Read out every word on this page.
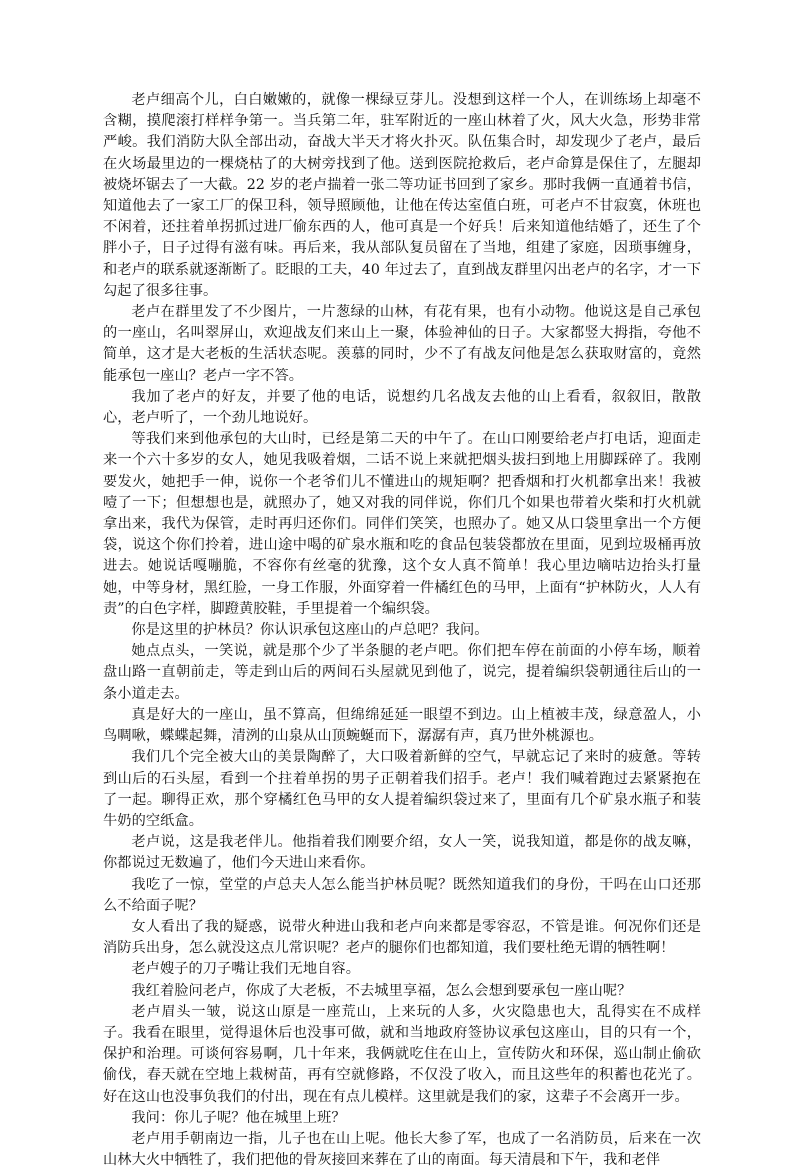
老卢细高个儿，白白嫩嫩的，就像一棵绿豆芽儿。没想到这样一个人，在训练场上却毫不含糊，摸爬滚打样样争第一。当兵第二年，驻军附近的一座山林着了火，风大火急，形势非常严峻。我们消防大队全部出动，奋战大半天才将火扑灭。队伍集合时，却发现少了老卢，最后在火场最里边的一棵烧枯了的大树旁找到了他。送到医院抢救后，老卢命算是保住了，左腿却被烧坏锯去了一大截。22 岁的老卢揣着一张二等功证书回到了家乡。那时我俩一直通着书信，知道他去了一家工厂的保卫科，领导照顾他，让他在传达室值白班，可老卢不甘寂寞，休班也不闲着，还拄着单拐抓过进厂偷东西的人，他可真是一个好兵！后来知道他结婚了，还生了个胖小子，日子过得有滋有味。再后来，我从部队复员留在了当地，组建了家庭，因琐事缠身，和老卢的联系就逐渐断了。眨眼的工夫，40 年过去了，直到战友群里闪出老卢的名字，才一下勾起了很多往事。

老卢在群里发了不少图片，一片葱绿的山林，有花有果，也有小动物。他说这是自己承包的一座山，名叫翠屏山，欢迎战友们来山上一聚，体验神仙的日子。大家都竖大拇指，夸他不简单，这才是大老板的生活状态呢。羡慕的同时，少不了有战友问他是怎么获取财富的，竟然能承包一座山？老卢一字不答。

我加了老卢的好友，并要了他的电话，说想约几名战友去他的山上看看，叙叙旧，散散心，老卢听了，一个劲儿地说好。

等我们来到他承包的大山时，已经是第二天的中午了。在山口刚要给老卢打电话，迎面走来一个六十多岁的女人，她见我吸着烟，二话不说上来就把烟头拔扫到地上用脚踩碎了。我刚要发火，她把手一伸，说你一个老爷们儿不懂进山的规矩啊？把香烟和打火机都拿出来！我被噎了一下；但想想也是，就照办了，她又对我的同伴说，你们几个如果也带着火柴和打火机就拿出来，我代为保管，走时再归还你们。同伴们笑笑，也照办了。她又从口袋里拿出一个方便袋，说这个你们拎着，进山途中喝的矿泉水瓶和吃的食品包装袋都放在里面，见到垃圾桶再放进去。她说话嘎嘣脆，不容你有丝毫的犹豫，这个女人真不简单！我心里边嘀咕边抬头打量她，中等身材，黑红脸，一身工作服，外面穿着一件橘红色的马甲，上面有“护林防火，人人有责”的白色字样，脚蹬黄胶鞋，手里提着一个编织袋。

你是这里的护林员？你认识承包这座山的卢总吧？我问。

她点点头，一笑说，就是那个少了半条腿的老卢吧。你们把车停在前面的小停车场，顺着盘山路一直朝前走，等走到山后的两间石头屋就见到他了，说完，提着编织袋朝通往后山的一条小道走去。

真是好大的一座山，虽不算高，但绵绵延延一眼望不到边。山上植被丰茂，绿意盈人，小鸟啁啾，蝶蝶起舞，清洌的山泉从山顶蜿蜒而下，潺潺有声，真乃世外桃源也。

我们几个完全被大山的美景陶醉了，大口吸着新鲜的空气，早就忘记了来时的疲惫。等转到山后的石头屋，看到一个拄着单拐的男子正朝着我们招手。老卢！我们喊着跑过去紧紧抱在了一起。聊得正欢，那个穿橘红色马甲的女人提着编织袋过来了，里面有几个矿泉水瓶子和装牛奶的空纸盒。

老卢说，这是我老伴儿。他指着我们刚要介绍，女人一笑，说我知道，都是你的战友嘛，你都说过无数遍了，他们今天进山来看你。

我吃了一惊，堂堂的卢总夫人怎么能当护林员呢？既然知道我们的身份，干吗在山口还那么不给面子呢？

女人看出了我的疑惑，说带火种进山我和老卢向来都是零容忍，不管是谁。何况你们还是消防兵出身，怎么就没这点儿常识呢？老卢的腿你们也都知道，我们要杜绝无谓的牺牲啊！

老卢嫂子的刀子嘴让我们无地自容。

我红着脸问老卢，你成了大老板，不去城里享福，怎么会想到要承包一座山呢？

老卢眉头一皱，说这山原是一座荒山，上来玩的人多，火灾隐患也大，乱得实在不成样子。我看在眼里，觉得退休后也没事可做，就和当地政府签协议承包这座山，目的只有一个，保护和治理。可谈何容易啊，几十年来，我俩就吃住在山上，宣传防火和环保，巡山制止偷砍偷伐，春天就在空地上栽树苗，再有空就修路，不仅没了收入，而且这些年的积蓄也花光了。好在这山也没事负我们的付出，现在有点儿模样。这里就是我们的家，这辈子不会离开一步。

我问：你儿子呢？他在城里上班？

老卢用手朝南边一指，儿子也在山上呢。他长大参了军，也成了一名消防员，后来在一次山林大火中牺牲了，我们把他的骨灰接回来葬在了山的南面。每天清晨和下午，我和老伴
